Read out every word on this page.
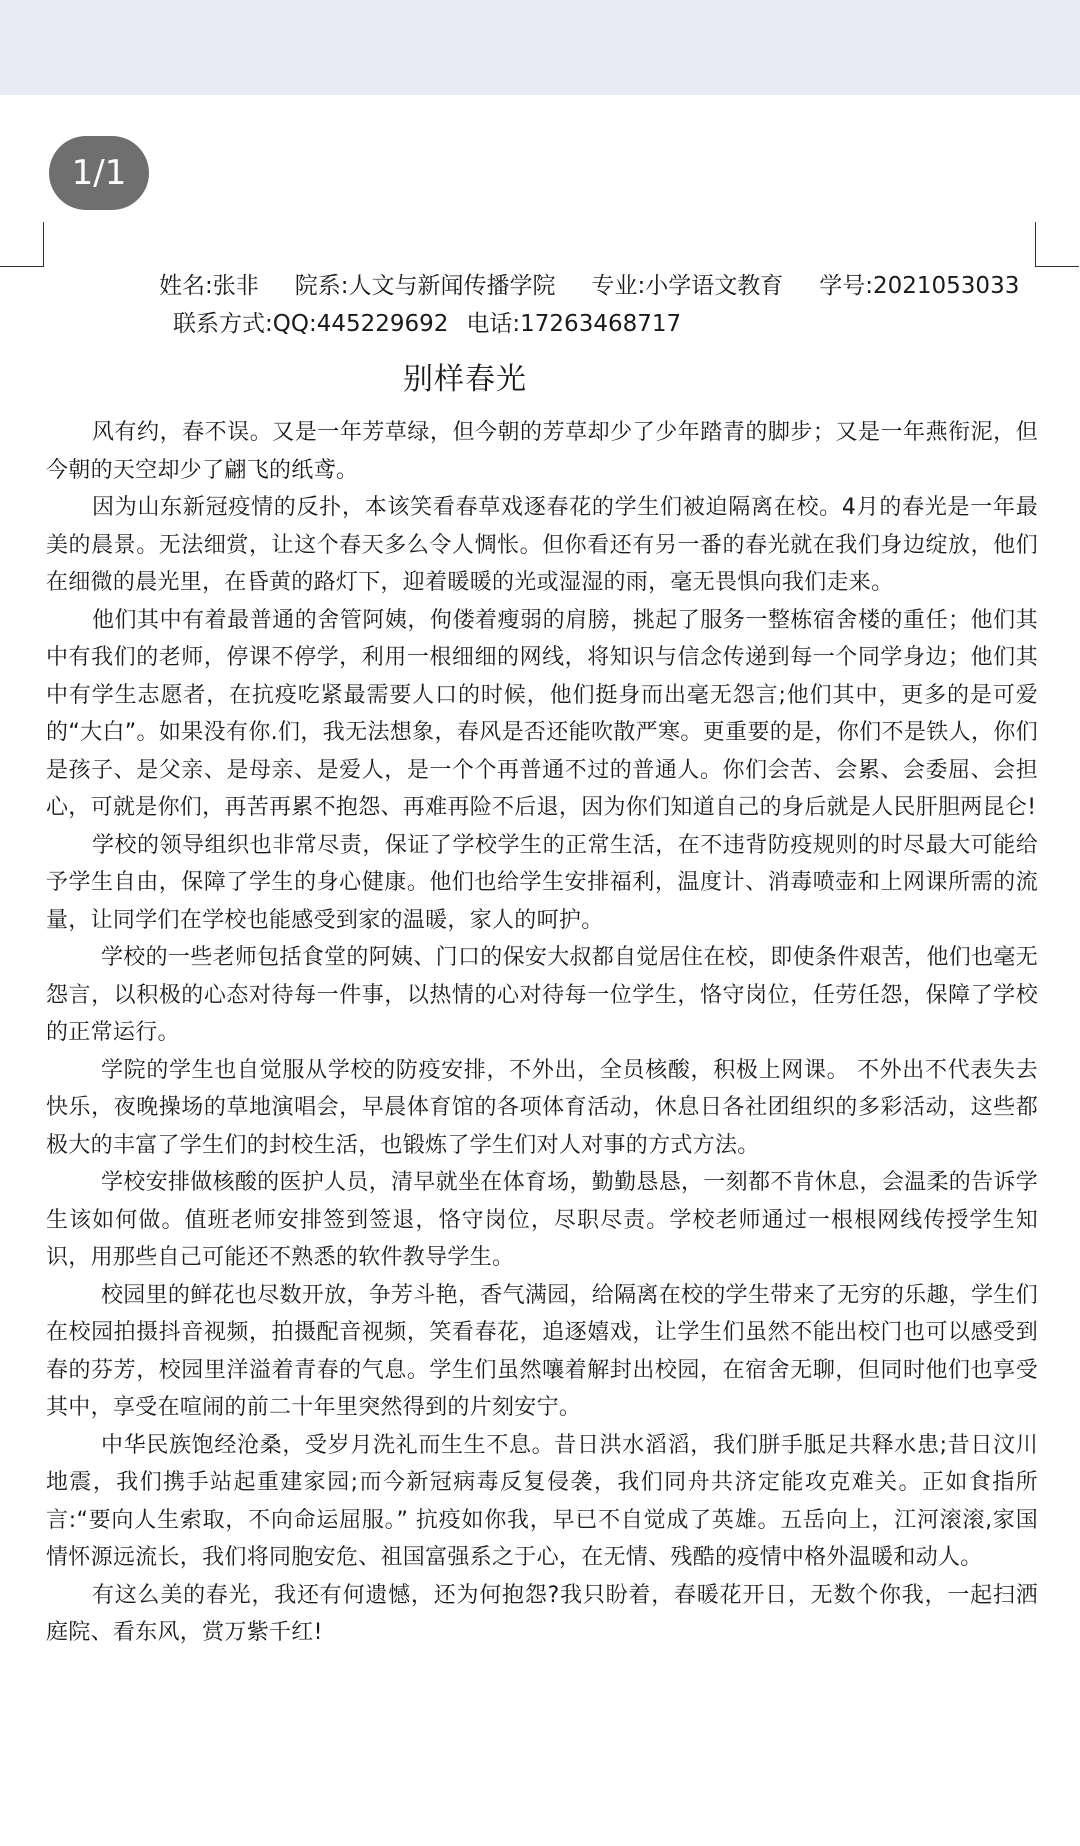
1/1
姓名:张非 院系:人文与新闻传播学院 专业:小学语文教育 学号:2021053033
联系方式:QQ:445229692 电话:17263468717
别样春光

风有约，春不误。又是一年芳草绿，但今朝的芳草却少了少年踏青的脚步；又是一年燕衔泥，但今朝的天空却少了翩飞的纸鸢。

因为山东新冠疫情的反扑，本该笑看春草戏逐春花的学生们被迫隔离在校。4月的春光是一年最美的晨景。无法细赏，让这个春天多么令人惆怅。但你看还有另一番的春光就在我们身边绽放，他们在细微的晨光里，在昏黄的路灯下，迎着暖暖的光或湿湿的雨，毫无畏惧向我们走来。

他们其中有着最普通的舍管阿姨，佝偻着瘦弱的肩膀，挑起了服务一整栋宿舍楼的重任；他们其中有我们的老师，停课不停学，利用一根细细的网线，将知识与信念传递到每一个同学身边；他们其中有学生志愿者，在抗疫吃紧最需要人口的时候，他们挺身而出毫无怨言;他们其中，更多的是可爱的“大白”。如果没有你.们，我无法想象，春风是否还能吹散严寒。更重要的是，你们不是铁人，你们是孩子、是父亲、是母亲、是爱人，是一个个再普通不过的普通人。你们会苦、会累、会委屈、会担心，可就是你们，再苦再累不抱怨、再难再险不后退，因为你们知道自己的身后就是人民肝胆两昆仑!

学校的领导组织也非常尽责，保证了学校学生的正常生活，在不违背防疫规则的时尽最大可能给予学生自由，保障了学生的身心健康。他们也给学生安排福利，温度计、消毒喷壶和上网课所需的流量，让同学们在学校也能感受到家的温暖，家人的呵护。

学校的一些老师包括食堂的阿姨、门口的保安大叔都自觉居住在校，即使条件艰苦，他们也毫无怨言，以积极的心态对待每一件事，以热情的心对待每一位学生，恪守岗位，任劳任怨，保障了学校的正常运行。

学院的学生也自觉服从学校的防疫安排，不外出，全员核酸，积极上网课。 不外出不代表失去快乐，夜晚操场的草地演唱会，早晨体育馆的各项体育活动，休息日各社团组织的多彩活动，这些都极大的丰富了学生们的封校生活，也锻炼了学生们对人对事的方式方法。

学校安排做核酸的医护人员，清早就坐在体育场，勤勤恳恳，一刻都不肯休息，会温柔的告诉学生该如何做。值班老师安排签到签退，恪守岗位，尽职尽责。学校老师通过一根根网线传授学生知识，用那些自己可能还不熟悉的软件教导学生。

校园里的鲜花也尽数开放，争芳斗艳，香气满园，给隔离在校的学生带来了无穷的乐趣，学生们在校园拍摄抖音视频，拍摄配音视频，笑看春花，追逐嬉戏，让学生们虽然不能出校门也可以感受到春的芬芳，校园里洋溢着青春的气息。学生们虽然嚷着解封出校园，在宿舍无聊，但同时他们也享受其中，享受在喧闹的前二十年里突然得到的片刻安宁。

中华民族饱经沧桑，受岁月洗礼而生生不息。昔日洪水滔滔，我们胼手胝足共释水患;昔日汶川地震，我们携手站起重建家园;而今新冠病毒反复侵袭，我们同舟共济定能攻克难关。正如食指所言:“要向人生索取，不向命运屈服。” 抗疫如你我，早已不自觉成了英雄。五岳向上，江河滚滚,家国情怀源远流长，我们将同胞安危、祖国富强系之于心，在无情、残酷的疫情中格外温暖和动人。

有这么美的春光，我还有何遗憾，还为何抱怨?我只盼着，春暖花开日，无数个你我，一起扫洒庭院、看东风，赏万紫千红!
